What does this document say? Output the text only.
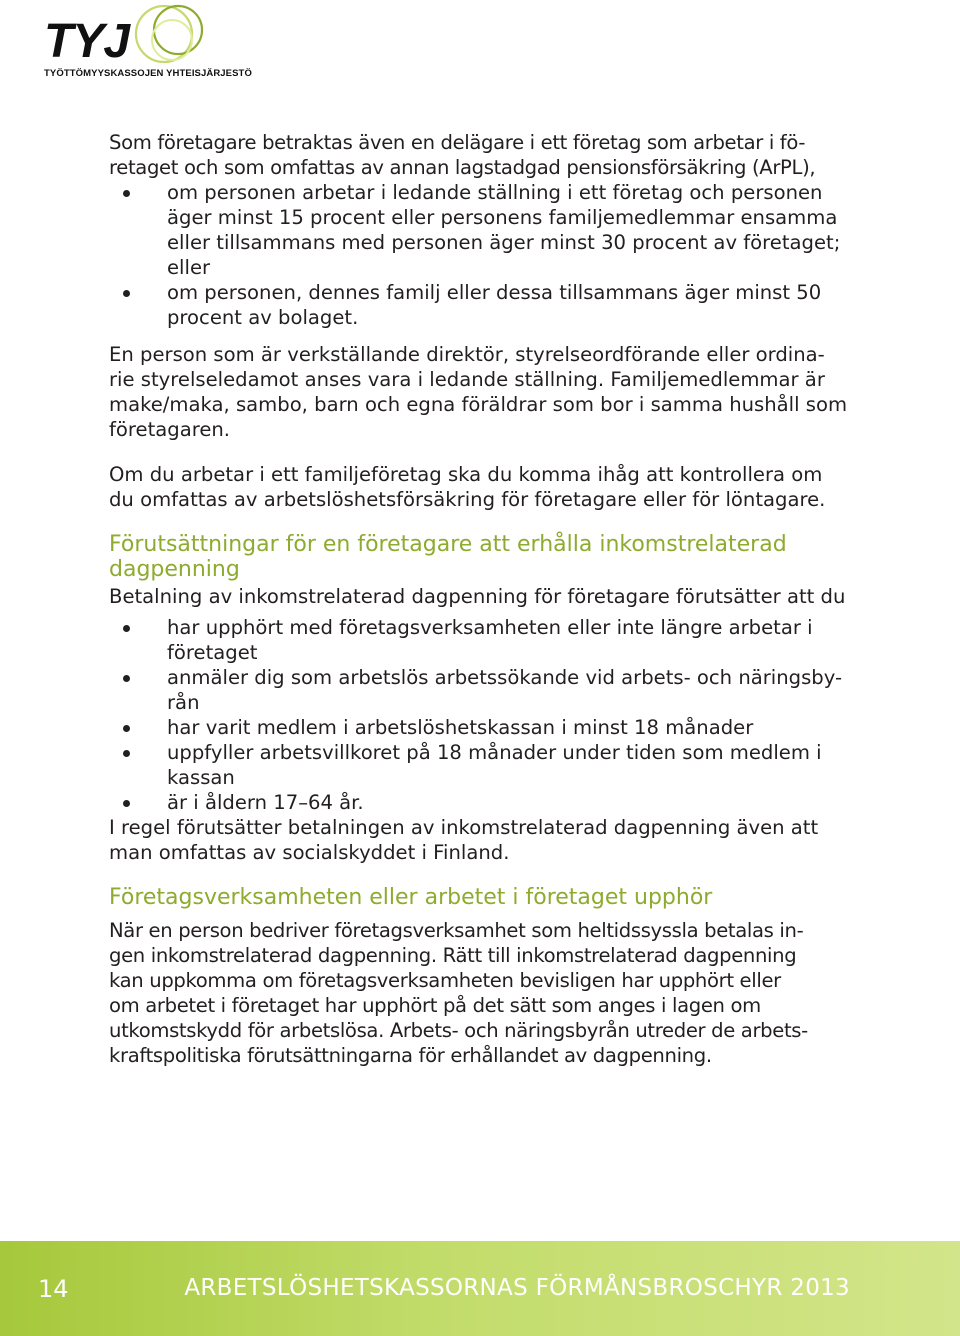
TYJ
TYÖTTÖMYYSKASSOJEN YHTEISJÄRJESTÖ

Som företagare betraktas även en delägare i ett företag som arbetar i fö-
retaget och som omfattas av annan lagstadgad pensionsförsäkring (ArPL),

om personen arbetar i ledande ställning i ett företag och personen
äger minst 15 procent eller personens familjemedlemmar ensamma
eller tillsammans med personen äger minst 30 procent av företaget;
eller
om personen, dennes familj eller dessa tillsammans äger minst 50
procent av bolaget.

En person som är verkställande direktör, styrelseordförande eller ordina-
rie styrelseledamot anses vara i ledande ställning. Familjemedlemmar är
make/maka, sambo, barn och egna föräldrar som bor i samma hushåll som
företagaren.

Om du arbetar i ett familjeföretag ska du komma ihåg att kontrollera om
du omfattas av arbetslöshetsförsäkring för företagare eller för löntagare.

Förutsättningar för en företagare att erhålla inkomstrelaterad
dagpenning

Betalning av inkomstrelaterad dagpenning för företagare förutsätter att du

har upphört med företagsverksamheten eller inte längre arbetar i
företaget
anmäler dig som arbetslös arbetssökande vid arbets- och näringsby-
rån
har varit medlem i arbetslöshetskassan i minst 18 månader
uppfyller arbetsvillkoret på 18 månader under tiden som medlem i
kassan
är i åldern 17–64 år.

I regel förutsätter betalningen av inkomstrelaterad dagpenning även att
man omfattas av socialskyddet i Finland.

Företagsverksamheten eller arbetet i företaget upphör

När en person bedriver företagsverksamhet som heltidssyssla betalas in-
gen inkomstrelaterad dagpenning. Rätt till inkomstrelaterad dagpenning
kan uppkomma om företagsverksamheten bevisligen har upphört eller
om arbetet i företaget har upphört på det sätt som anges i lagen om
utkomstskydd för arbetslösa. Arbets- och näringsbyrån utreder de arbets-
kraftspolitiska förutsättningarna för erhållandet av dagpenning.

14	ARBETSLÖSHETSKASSORNAS FÖRMÅNSBROSCHYR 2013
